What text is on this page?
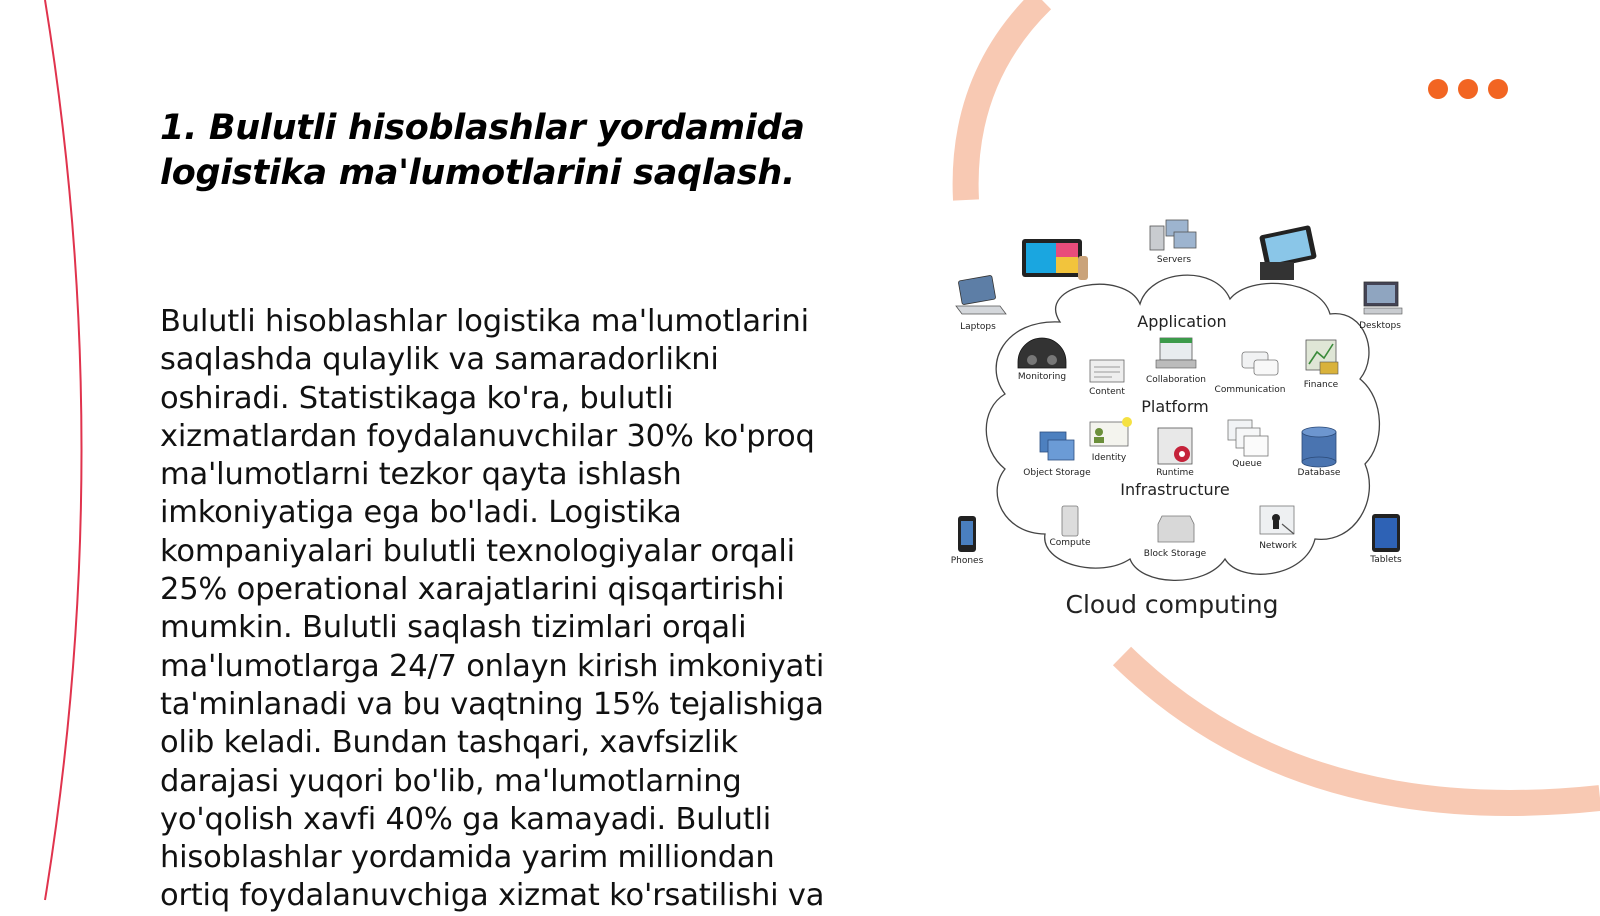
1. Bulutli hisoblashlar yordamida logistika ma'lumotlarini saqlash.

Bulutli hisoblashlar logistika ma'lumotlarini saqlashda qulaylik va samaradorlikni oshiradi. Statistikaga ko'ra, bulutli xizmatlardan foydalanuvchilar 30% ko'proq ma'lumotlarni tezkor qayta ishlash imkoniyatiga ega bo'ladi. Logistika kompaniyalari bulutli texnologiyalar orqali 25% operational xarajatlarini qisqartirishi mumkin. Bulutli saqlash tizimlari orqali ma'lumotlarga 24/7 onlayn kirish imkoniyati ta'minlanadi va bu vaqtning 15% tejalishiga olib keladi. Bundan tashqari, xavfsizlik darajasi yuqori bo'lib, ma'lumotlarning yo'qolish xavfi 40% ga kamayadi. Bulutli hisoblashlar yordamida yarim milliondan ortiq foydalanuvchiga xizmat ko'rsatilishi va

Servers
Laptops	Desktops
Phones	Tablets
Application
Platform
Infrastructure
Monitoring
Content
Collaboration
Communication Finance
Identity
Object Storage	Runtime
Queue
Database
Compute
Block Storage
Network
Cloud computing
